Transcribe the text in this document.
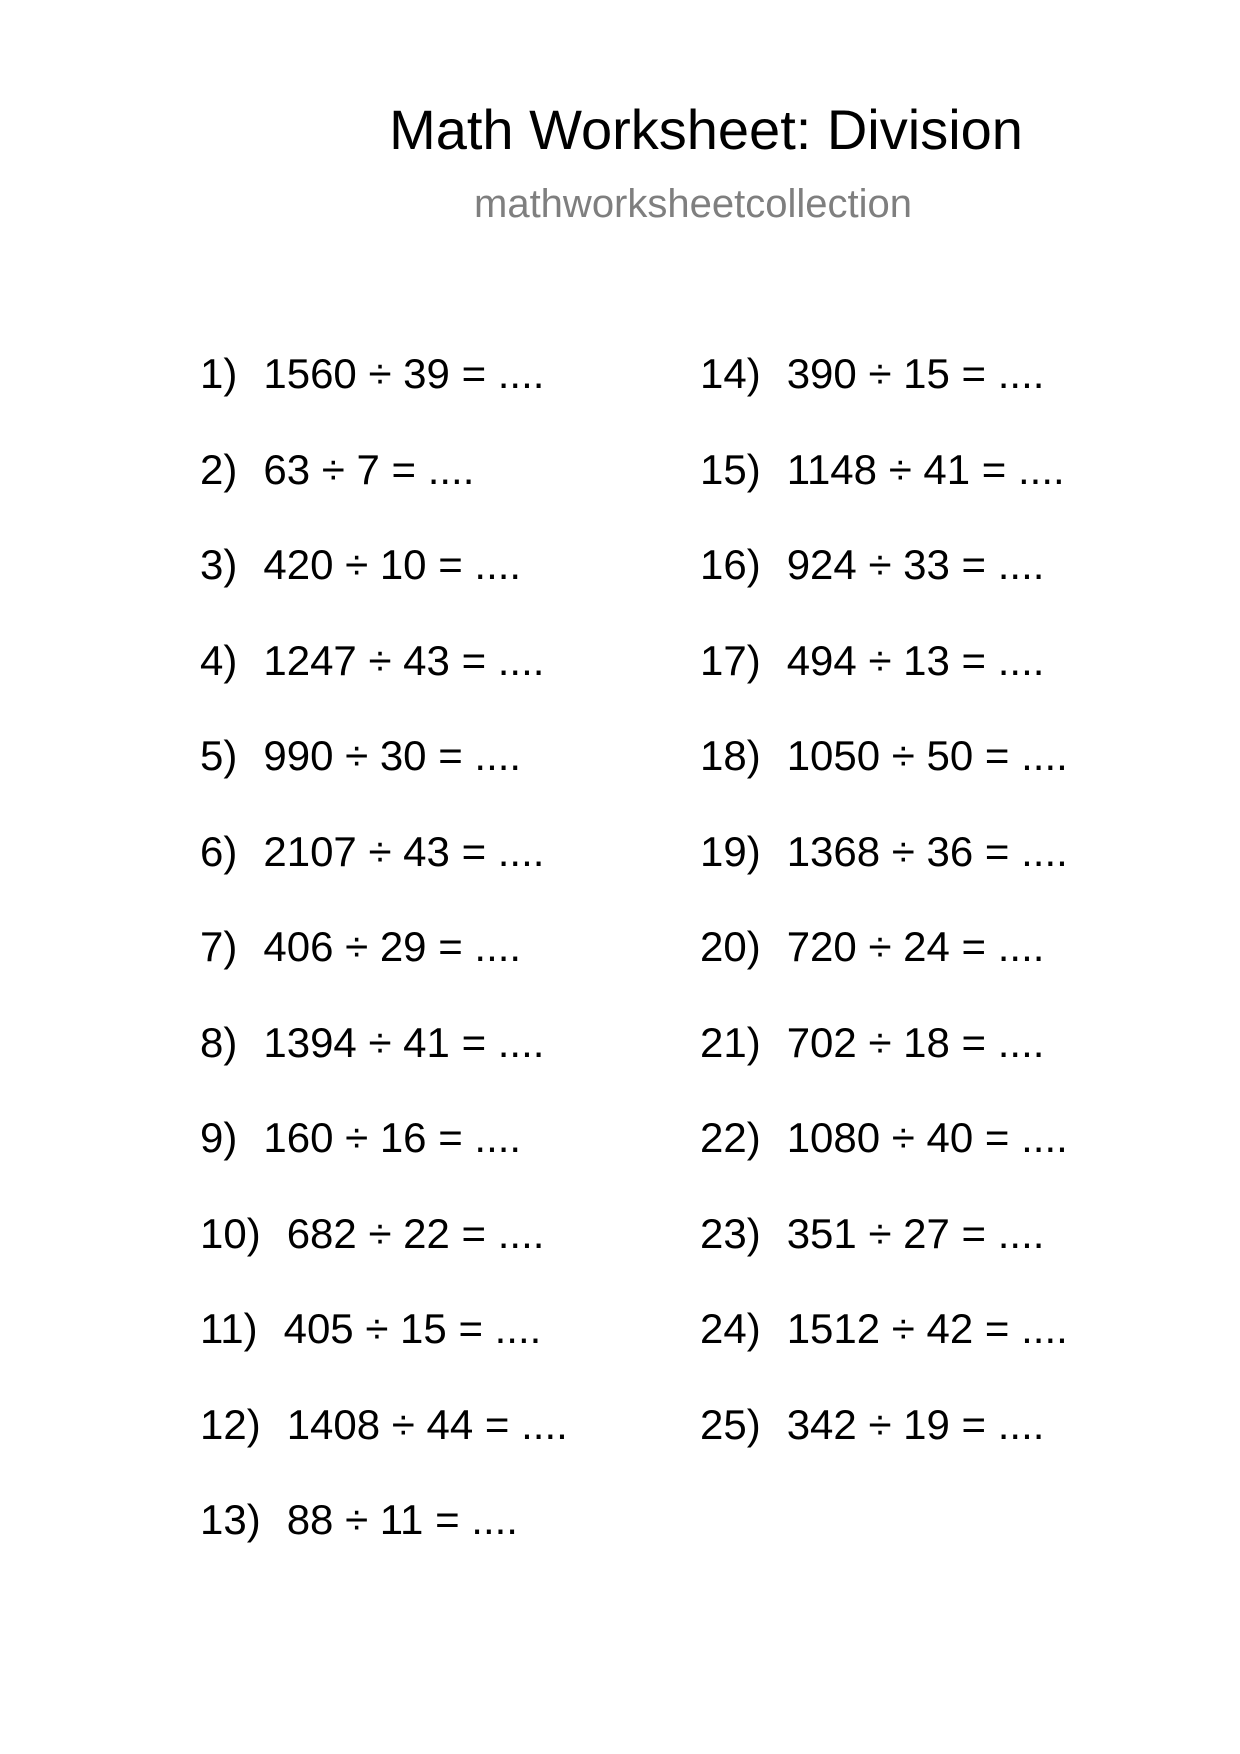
Math Worksheet: Division
mathworksheetcollection
1) 1560 ÷ 39 = ....
2) 63 ÷ 7 = ....
3) 420 ÷ 10 = ....
4) 1247 ÷ 43 = ....
5) 990 ÷ 30 = ....
6) 2107 ÷ 43 = ....
7) 406 ÷ 29 = ....
8) 1394 ÷ 41 = ....
9) 160 ÷ 16 = ....
10) 682 ÷ 22 = ....
11) 405 ÷ 15 = ....
12) 1408 ÷ 44 = ....
13) 88 ÷ 11 = ....
14) 390 ÷ 15 = ....
15) 1148 ÷ 41 = ....
16) 924 ÷ 33 = ....
17) 494 ÷ 13 = ....
18) 1050 ÷ 50 = ....
19) 1368 ÷ 36 = ....
20) 720 ÷ 24 = ....
21) 702 ÷ 18 = ....
22) 1080 ÷ 40 = ....
23) 351 ÷ 27 = ....
24) 1512 ÷ 42 = ....
25) 342 ÷ 19 = ....
